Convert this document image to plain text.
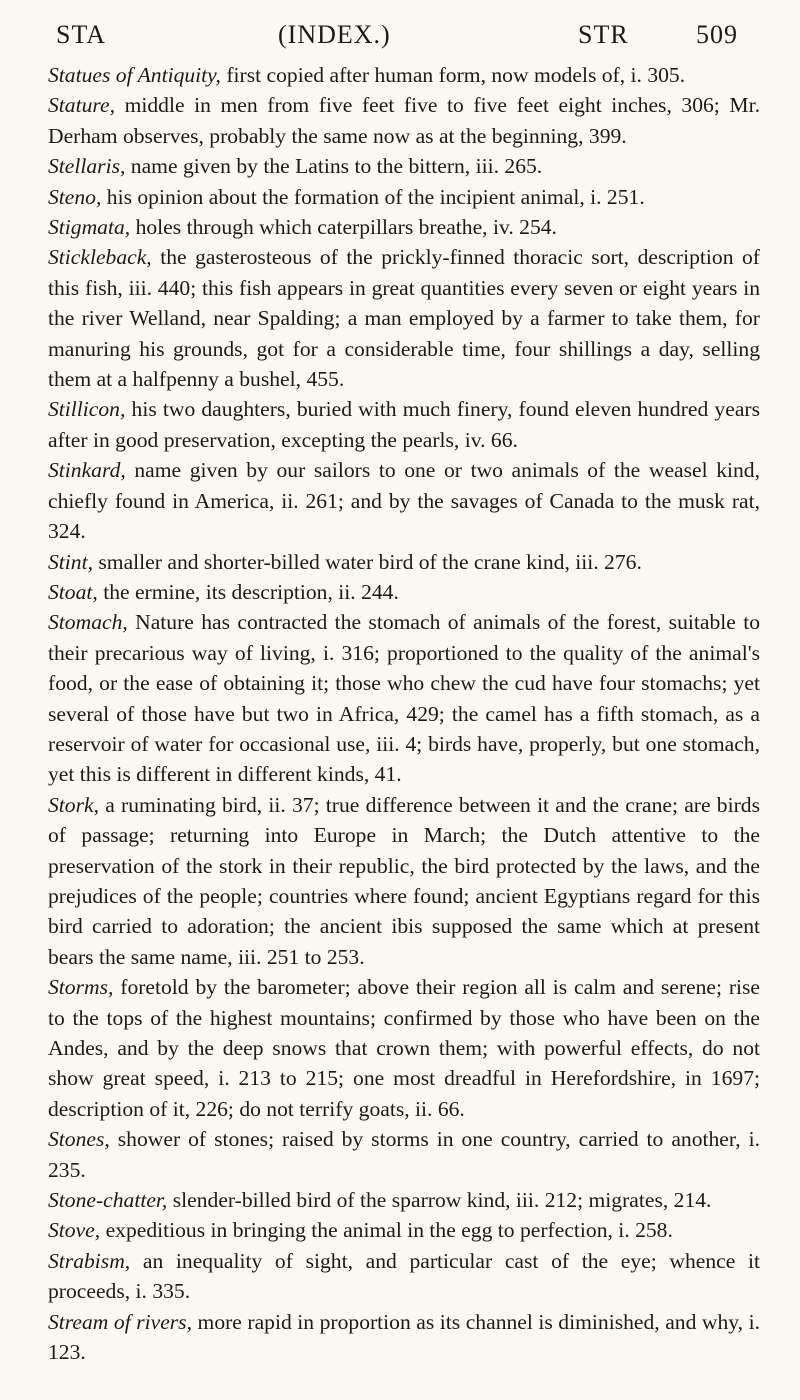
STA	(INDEX.)	STR	509

Statues of Antiquity, first copied after human form, now models of, i. 305.

Stature, middle in men from five feet five to five feet eight inches, 306; Mr. Derham observes, probably the same now as at the beginning, 399.

Stellaris, name given by the Latins to the bittern, iii. 265.

Steno, his opinion about the formation of the incipient animal, i. 251.

Stigmata, holes through which caterpillars breathe, iv. 254.

Stickleback, the gasterosteous of the prickly-finned thoracic sort, description of this fish, iii. 440; this fish appears in great quantities every seven or eight years in the river Welland, near Spalding; a man employed by a farmer to take them, for manuring his grounds, got for a considerable time, four shillings a day, selling them at a halfpenny a bushel, 455.

Stillicon, his two daughters, buried with much finery, found eleven hundred years after in good preservation, excepting the pearls, iv. 66.

Stinkard, name given by our sailors to one or two animals of the weasel kind, chiefly found in America, ii. 261; and by the savages of Canada to the musk rat, 324.

Stint, smaller and shorter-billed water bird of the crane kind, iii. 276.

Stoat, the ermine, its description, ii. 244.

Stomach, Nature has contracted the stomach of animals of the forest, suitable to their precarious way of living, i. 316; proportioned to the quality of the animal's food, or the ease of obtaining it; those who chew the cud have four stomachs; yet several of those have but two in Africa, 429; the camel has a fifth stomach, as a reservoir of water for occasional use, iii. 4; birds have, properly, but one stomach, yet this is different in different kinds, 41.

Stork, a ruminating bird, ii. 37; true difference between it and the crane; are birds of passage; returning into Europe in March; the Dutch attentive to the preservation of the stork in their republic, the bird protected by the laws, and the prejudices of the people; countries where found; ancient Egyptians regard for this bird carried to adoration; the ancient ibis supposed the same which at present bears the same name, iii. 251 to 253.

Storms, foretold by the barometer; above their region all is calm and serene; rise to the tops of the highest mountains; confirmed by those who have been on the Andes, and by the deep snows that crown them; with powerful effects, do not show great speed, i. 213 to 215; one most dreadful in Herefordshire, in 1697; description of it, 226; do not terrify goats, ii. 66.

Stones, shower of stones; raised by storms in one country, carried to another, i. 235.

Stone-chatter, slender-billed bird of the sparrow kind, iii. 212; migrates, 214.

Stove, expeditious in bringing the animal in the egg to perfection, i. 258.

Strabism, an inequality of sight, and particular cast of the eye; whence it proceeds, i. 335.

Stream of rivers, more rapid in proportion as its channel is diminished, and why, i. 123.
